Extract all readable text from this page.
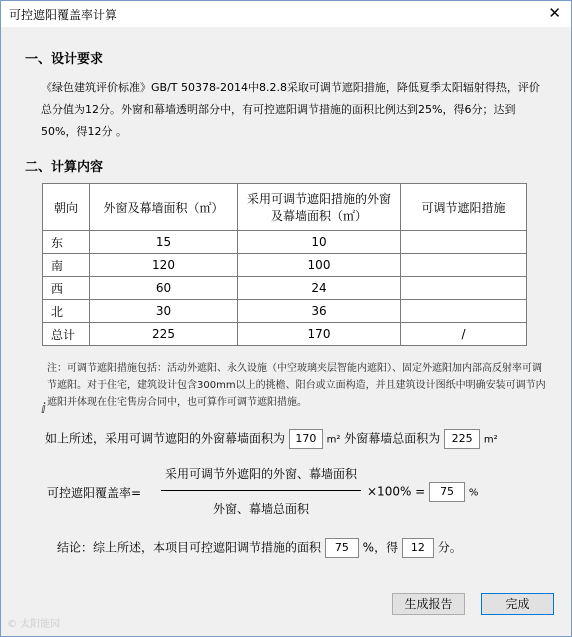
可控遮阳覆盖率计算	✕
一、设计要求
《绿色建筑评价标准》GB/T 50378-2014中8.2.8采取可调节遮阳措施，降低夏季太阳辐射得热，评价总分值为12分。外窗和幕墙透明部分中，有可控遮阳调节措施的面积比例达到25%，得6分；达到50%，得12分 。
二、计算内容
朝向	外窗及幕墙面积（㎡）	采用可调节遮阳措施的外窗及幕墙面积（㎡）	可调节遮阳措施
东	15	10	
南	120	100	
西	60	24	
北	30	36	
总计	225	170	/
注：可调节遮阳措施包括：活动外遮阳、永久设施（中空玻璃夹层智能内遮阳）、固定外遮阳加内部高反射率可调节遮阳。对于住宅，建筑设计包含300mm以上的挑檐、阳台或立面构造，并且建筑设计图纸中明确安装可调节内遮阳并体现在住宅售房合同中，也可算作可调节遮阳措施。
ⅈ
如上所述，采用可调节遮阳的外窗幕墙面积为 170 m² 外窗幕墙总面积为 225 m²
可控遮阳覆盖率=
采用可调节外遮阳的外窗、幕墙面积
外窗、幕墙总面积
×100% = 75 %
结论：综上所述，本项目可控遮阳调节措施的面积 75 %，得 12 分。
生成报告	完成
© 太阳能园
